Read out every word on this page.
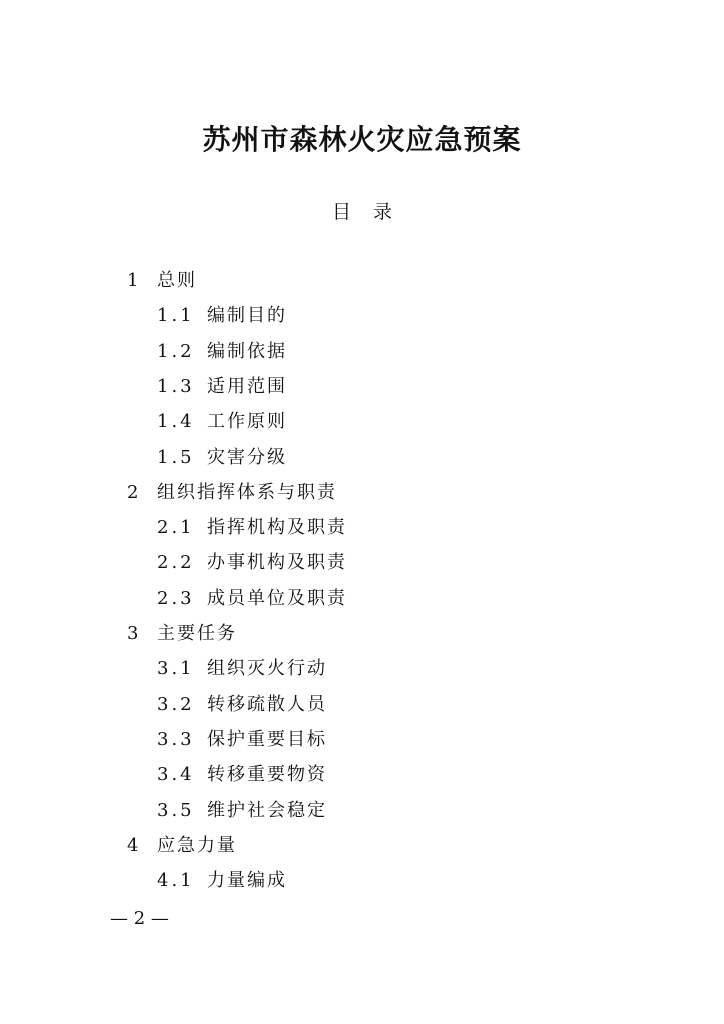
苏州市森林火灾应急预案
目 录
1 总则
1.1 编制目的
1.2 编制依据
1.3 适用范围
1.4 工作原则
1.5 灾害分级
2 组织指挥体系与职责
2.1 指挥机构及职责
2.2 办事机构及职责
2.3 成员单位及职责
3 主要任务
3.1 组织灭火行动
3.2 转移疏散人员
3.3 保护重要目标
3.4 转移重要物资
3.5 维护社会稳定
4 应急力量
4.1 力量编成
— 2 —
